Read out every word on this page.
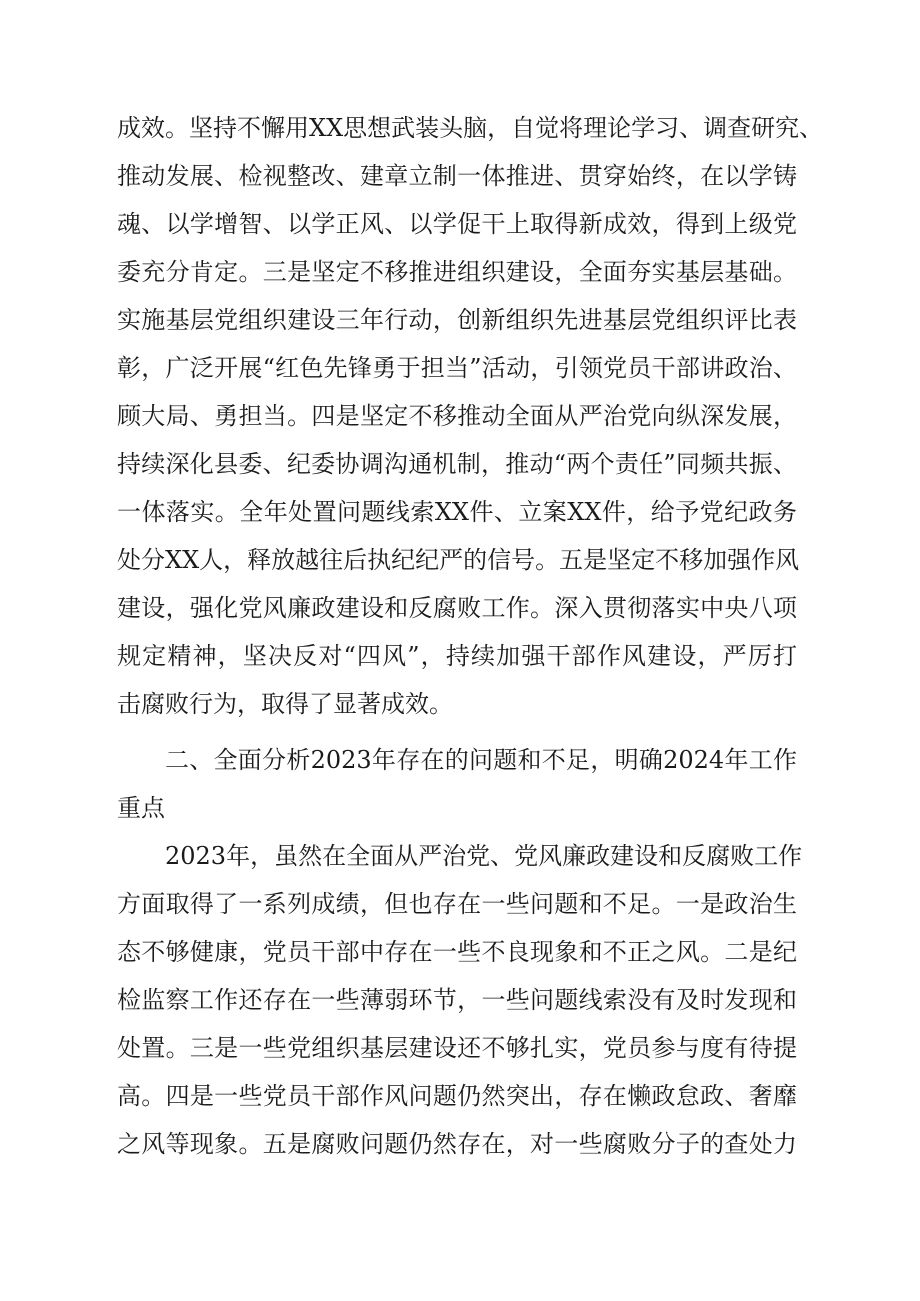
成效。坚持不懈用XX思想武装头脑，自觉将理论学习、调查研究、
推动发展、检视整改、建章立制一体推进、贯穿始终，在以学铸
魂、以学增智、以学正风、以学促干上取得新成效，得到上级党
委充分肯定。三是坚定不移推进组织建设，全面夯实基层基础。
实施基层党组织建设三年行动，创新组织先进基层党组织评比表
彰，广泛开展“红色先锋勇于担当”活动，引领党员干部讲政治、
顾大局、勇担当。四是坚定不移推动全面从严治党向纵深发展，
持续深化县委、纪委协调沟通机制，推动“两个责任”同频共振、
一体落实。全年处置问题线索XX件、立案XX件，给予党纪政务
处分XX人，释放越往后执纪纪严的信号。五是坚定不移加强作风
建设，强化党风廉政建设和反腐败工作。深入贯彻落实中央八项
规定精神，坚决反对“四风”，持续加强干部作风建设，严厉打
击腐败行为，取得了显著成效。
二、全面分析2023年存在的问题和不足，明确2024年工作
重点
2023年，虽然在全面从严治党、党风廉政建设和反腐败工作
方面取得了一系列成绩，但也存在一些问题和不足。一是政治生
态不够健康，党员干部中存在一些不良现象和不正之风。二是纪
检监察工作还存在一些薄弱环节，一些问题线索没有及时发现和
处置。三是一些党组织基层建设还不够扎实，党员参与度有待提
高。四是一些党员干部作风问题仍然突出，存在懒政怠政、奢靡
之风等现象。五是腐败问题仍然存在，对一些腐败分子的查处力
